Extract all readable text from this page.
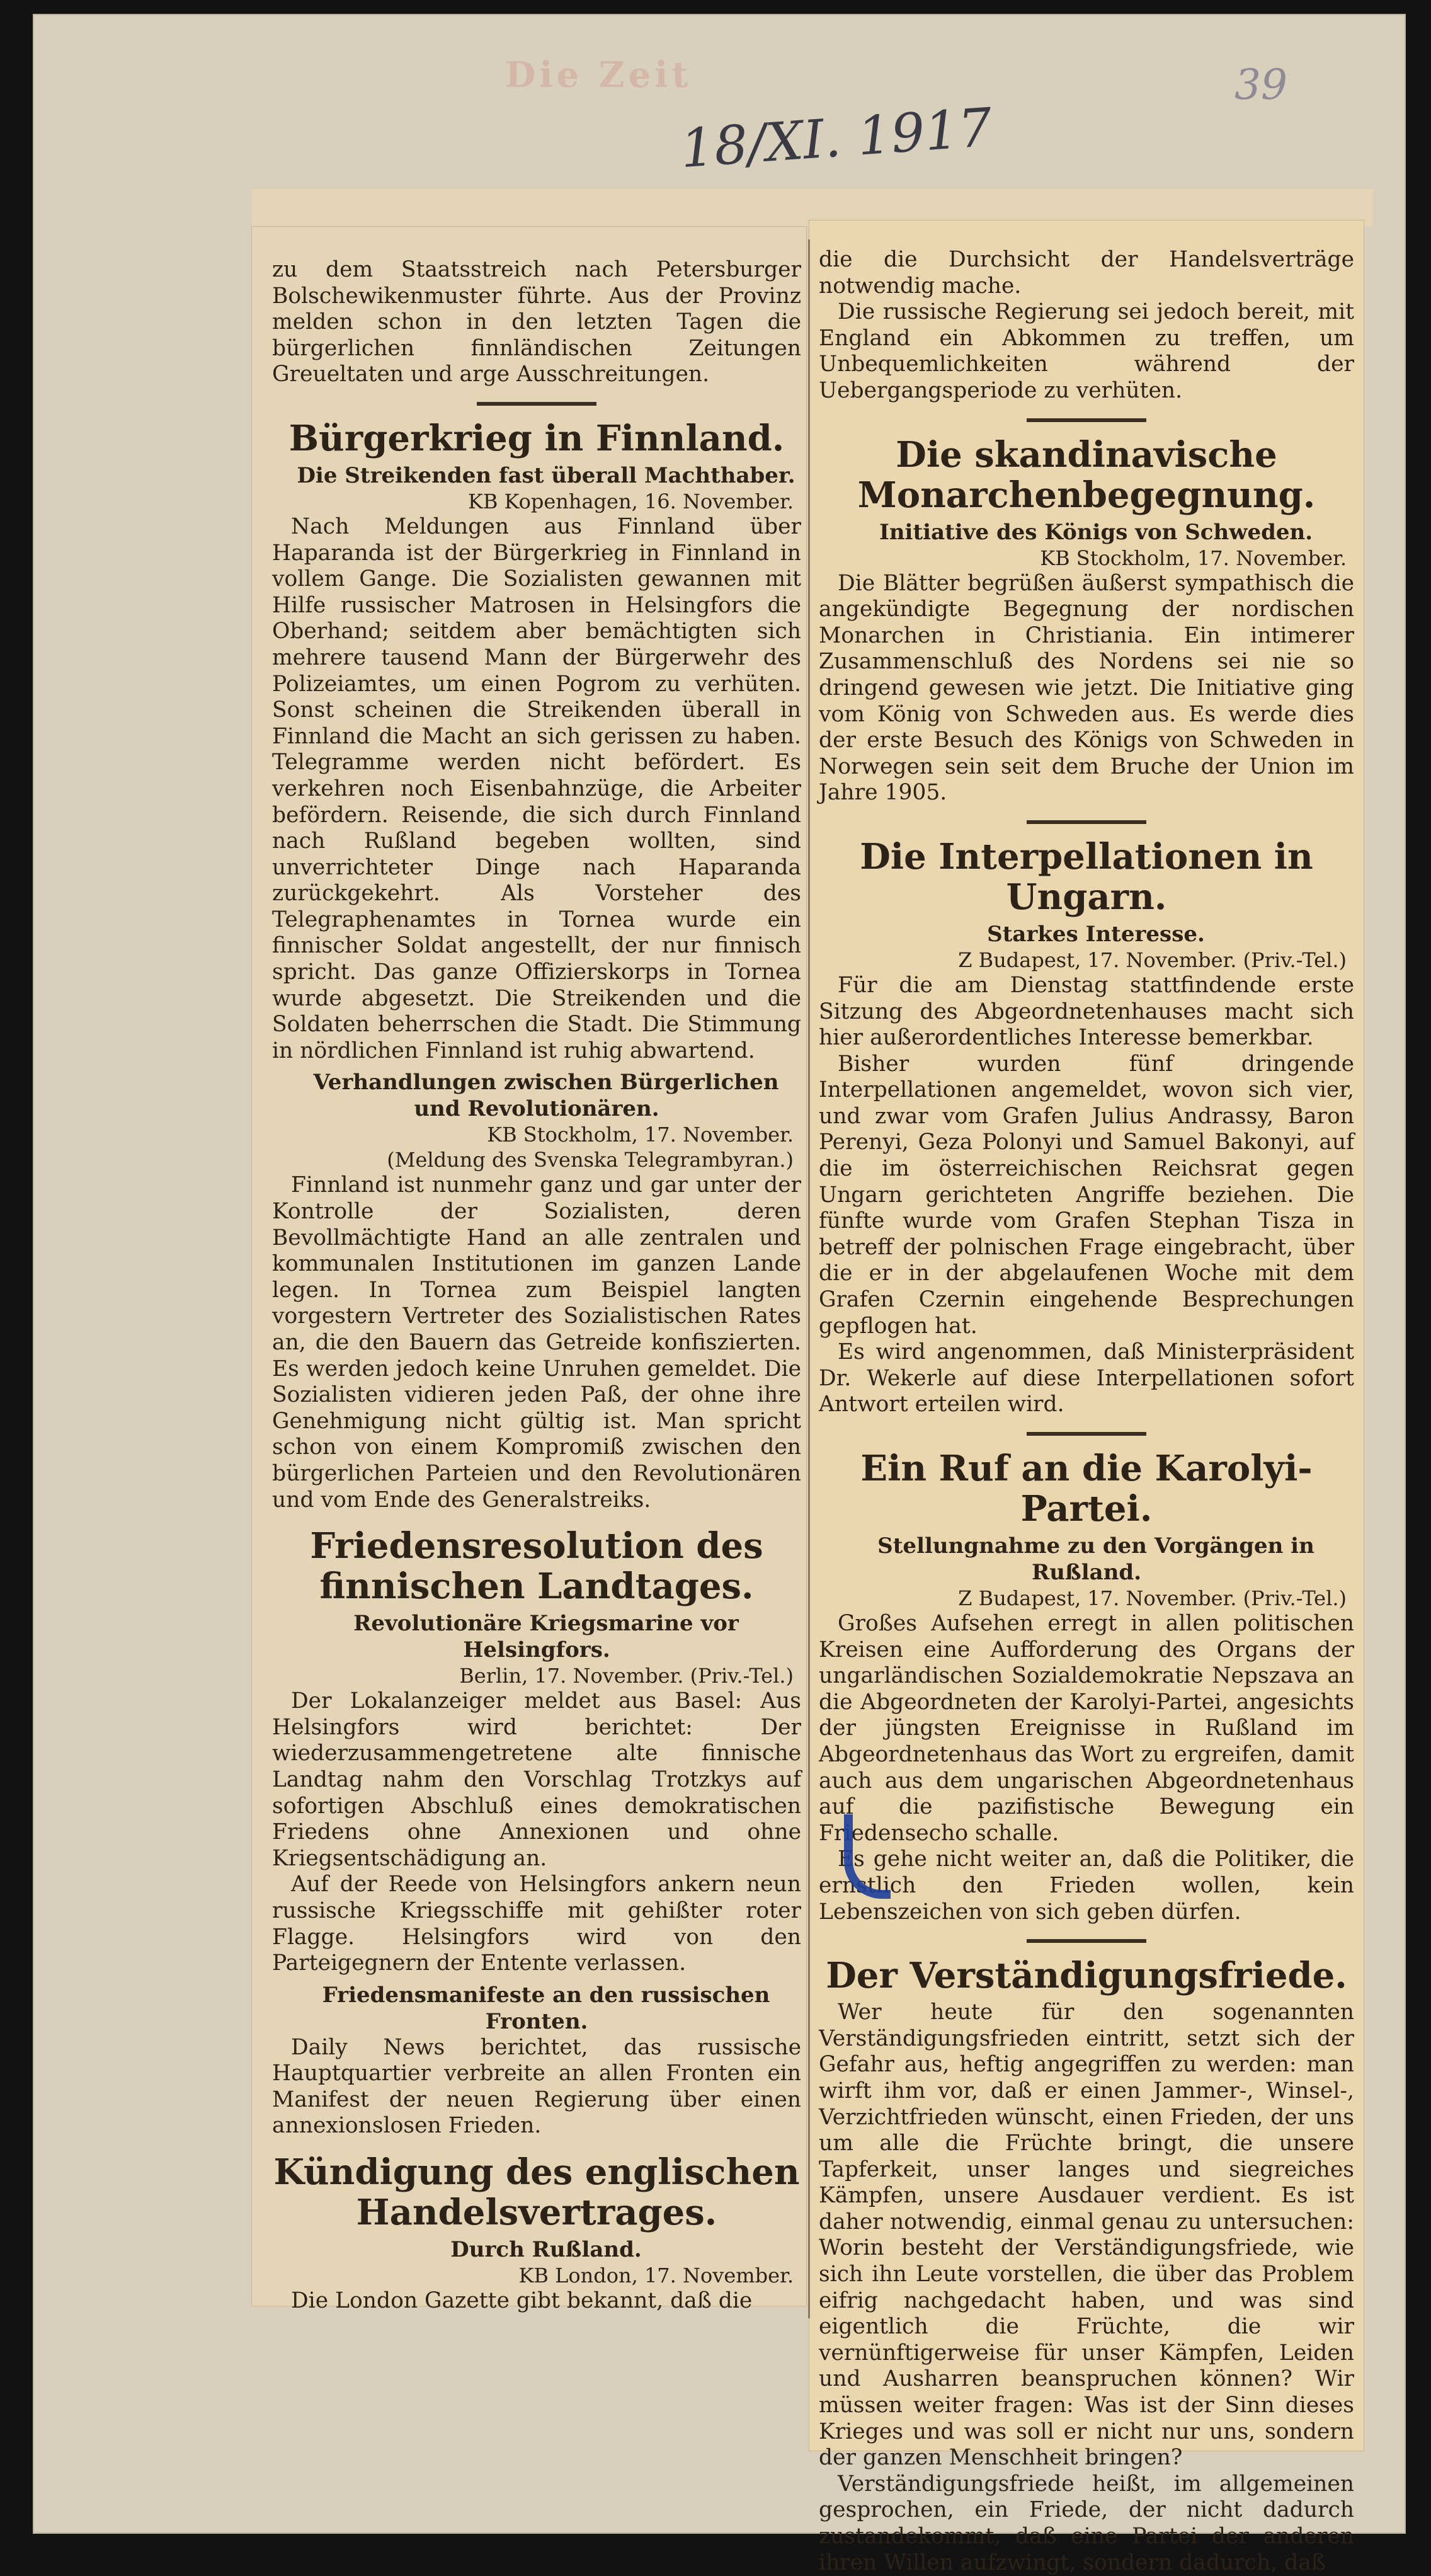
Die Zeit
18/XI. 1917
39

zu dem Staatsstreich nach Petersburger Bolschewikenmuster führte. Aus der Provinz melden schon in den letzten Tagen die bürgerlichen finnländischen Zeitungen Greueltaten und arge Ausschreitungen.

Bürgerkrieg in Finnland.

Die Streikenden fast überall Machthaber.

KB Kopenhagen, 16. November.

Nach Meldungen aus Finnland über Haparanda ist der Bürgerkrieg in Finnland in vollem Gange. Die Sozialisten gewannen mit Hilfe russischer Matrosen in Helsingfors die Oberhand; seitdem aber bemächtigten sich mehrere tausend Mann der Bürgerwehr des Polizeiamtes, um einen Pogrom zu verhüten. Sonst scheinen die Streikenden überall in Finnland die Macht an sich gerissen zu haben. Telegramme werden nicht befördert. Es verkehren noch Eisenbahnzüge, die Arbeiter befördern. Reisende, die sich durch Finnland nach Rußland begeben wollten, sind unverrichteter Dinge nach Haparanda zurückgekehrt. Als Vorsteher des Telegraphenamtes in Tornea wurde ein finnischer Soldat angestellt, der nur finnisch spricht. Das ganze Offizierskorps in Tornea wurde abgesetzt. Die Streikenden und die Soldaten beherrschen die Stadt. Die Stimmung in nördlichen Finnland ist ruhig abwartend.

Verhandlungen zwischen Bürgerlichen und Revolutionären.

KB Stockholm, 17. November.

(Meldung des Svenska Telegrambyran.)

Finnland ist nunmehr ganz und gar unter der Kontrolle der Sozialisten, deren Bevollmächtigte Hand an alle zentralen und kommunalen Institutionen im ganzen Lande legen. In Tornea zum Beispiel langten vorgestern Vertreter des Sozialistischen Rates an, die den Bauern das Getreide konfiszierten. Es werden jedoch keine Unruhen gemeldet. Die Sozialisten vidieren jeden Paß, der ohne ihre Genehmigung nicht gültig ist. Man spricht schon von einem Kompromiß zwischen den bürgerlichen Parteien und den Revolutionären und vom Ende des Generalstreiks.

Friedensresolution des finnischen Landtages.

Revolutionäre Kriegsmarine vor Helsingfors.

Berlin, 17. November. (Priv.-Tel.)

Der Lokalanzeiger meldet aus Basel: Aus Helsingfors wird berichtet: Der wiederzusammengetretene alte finnische Landtag nahm den Vorschlag Trotzkys auf sofortigen Abschluß eines demokratischen Friedens ohne Annexionen und ohne Kriegsentschädigung an.

Auf der Reede von Helsingfors ankern neun russische Kriegsschiffe mit gehißter roter Flagge. Helsingfors wird von den Parteigegnern der Entente verlassen.

Friedensmanifeste an den russischen Fronten.

Daily News berichtet, das russische Hauptquartier verbreite an allen Fronten ein Manifest der neuen Regierung über einen annexionslosen Frieden.

Kündigung des englischen Handelsvertrages.

Durch Rußland.

KB London, 17. November.

Die London Gazette gibt bekannt, daß die

die die Durchsicht der Handelsverträge notwendig mache.

Die russische Regierung sei jedoch bereit, mit England ein Abkommen zu treffen, um Unbequemlichkeiten während der Uebergangsperiode zu verhüten.

Die skandinavische Monarchenbegegnung.

Initiative des Königs von Schweden.

KB Stockholm, 17. November.

Die Blätter begrüßen äußerst sympathisch die angekündigte Begegnung der nordischen Monarchen in Christiania. Ein intimerer Zusammenschluß des Nordens sei nie so dringend gewesen wie jetzt. Die Initiative ging vom König von Schweden aus. Es werde dies der erste Besuch des Königs von Schweden in Norwegen sein seit dem Bruche der Union im Jahre 1905.

Die Interpellationen in Ungarn.

Starkes Interesse.

Z Budapest, 17. November. (Priv.-Tel.)

Für die am Dienstag stattfindende erste Sitzung des Abgeordnetenhauses macht sich hier außerordentliches Interesse bemerkbar.

Bisher wurden fünf dringende Interpellationen angemeldet, wovon sich vier, und zwar vom Grafen Julius Andrassy, Baron Perenyi, Geza Polonyi und Samuel Bakonyi, auf die im österreichischen Reichsrat gegen Ungarn gerichteten Angriffe beziehen. Die fünfte wurde vom Grafen Stephan Tisza in betreff der polnischen Frage eingebracht, über die er in der abgelaufenen Woche mit dem Grafen Czernin eingehende Besprechungen gepflogen hat.

Es wird angenommen, daß Ministerpräsident Dr. Wekerle auf diese Interpellationen sofort Antwort erteilen wird.

Ein Ruf an die Karolyi-Partei.

Stellungnahme zu den Vorgängen in Rußland.

Z Budapest, 17. November. (Priv.-Tel.)

Großes Aufsehen erregt in allen politischen Kreisen eine Aufforderung des Organs der ungarländischen Sozialdemokratie Nepszava an die Abgeordneten der Karolyi-Partei, angesichts der jüngsten Ereignisse in Rußland im Abgeordnetenhaus das Wort zu ergreifen, damit auch aus dem ungarischen Abgeordnetenhaus auf die pazifistische Bewegung ein Friedensecho schalle.

Es gehe nicht weiter an, daß die Politiker, die ernstlich den Frieden wollen, kein Lebenszeichen von sich geben dürfen.

Der Verständigungsfriede.

Wer heute für den sogenannten Verständigungsfrieden eintritt, setzt sich der Gefahr aus, heftig angegriffen zu werden: man wirft ihm vor, daß er einen Jammer-, Winsel-, Verzichtfrieden wünscht, einen Frieden, der uns um alle die Früchte bringt, die unsere Tapferkeit, unser langes und siegreiches Kämpfen, unsere Ausdauer verdient. Es ist daher notwendig, einmal genau zu untersuchen: Worin besteht der Verständigungsfriede, wie sich ihn Leute vorstellen, die über das Problem eifrig nachgedacht haben, und was sind eigentlich die Früchte, die wir vernünftigerweise für unser Kämpfen, Leiden und Ausharren beanspruchen können? Wir müssen weiter fragen: Was ist der Sinn dieses Krieges und was soll er nicht nur uns, sondern der ganzen Menschheit bringen?

Verständigungsfriede heißt, im allgemeinen gesprochen, ein Friede, der nicht dadurch zustandekommt, daß eine Partei der anderen ihren Willen aufzwingt, sondern dadurch, daß
